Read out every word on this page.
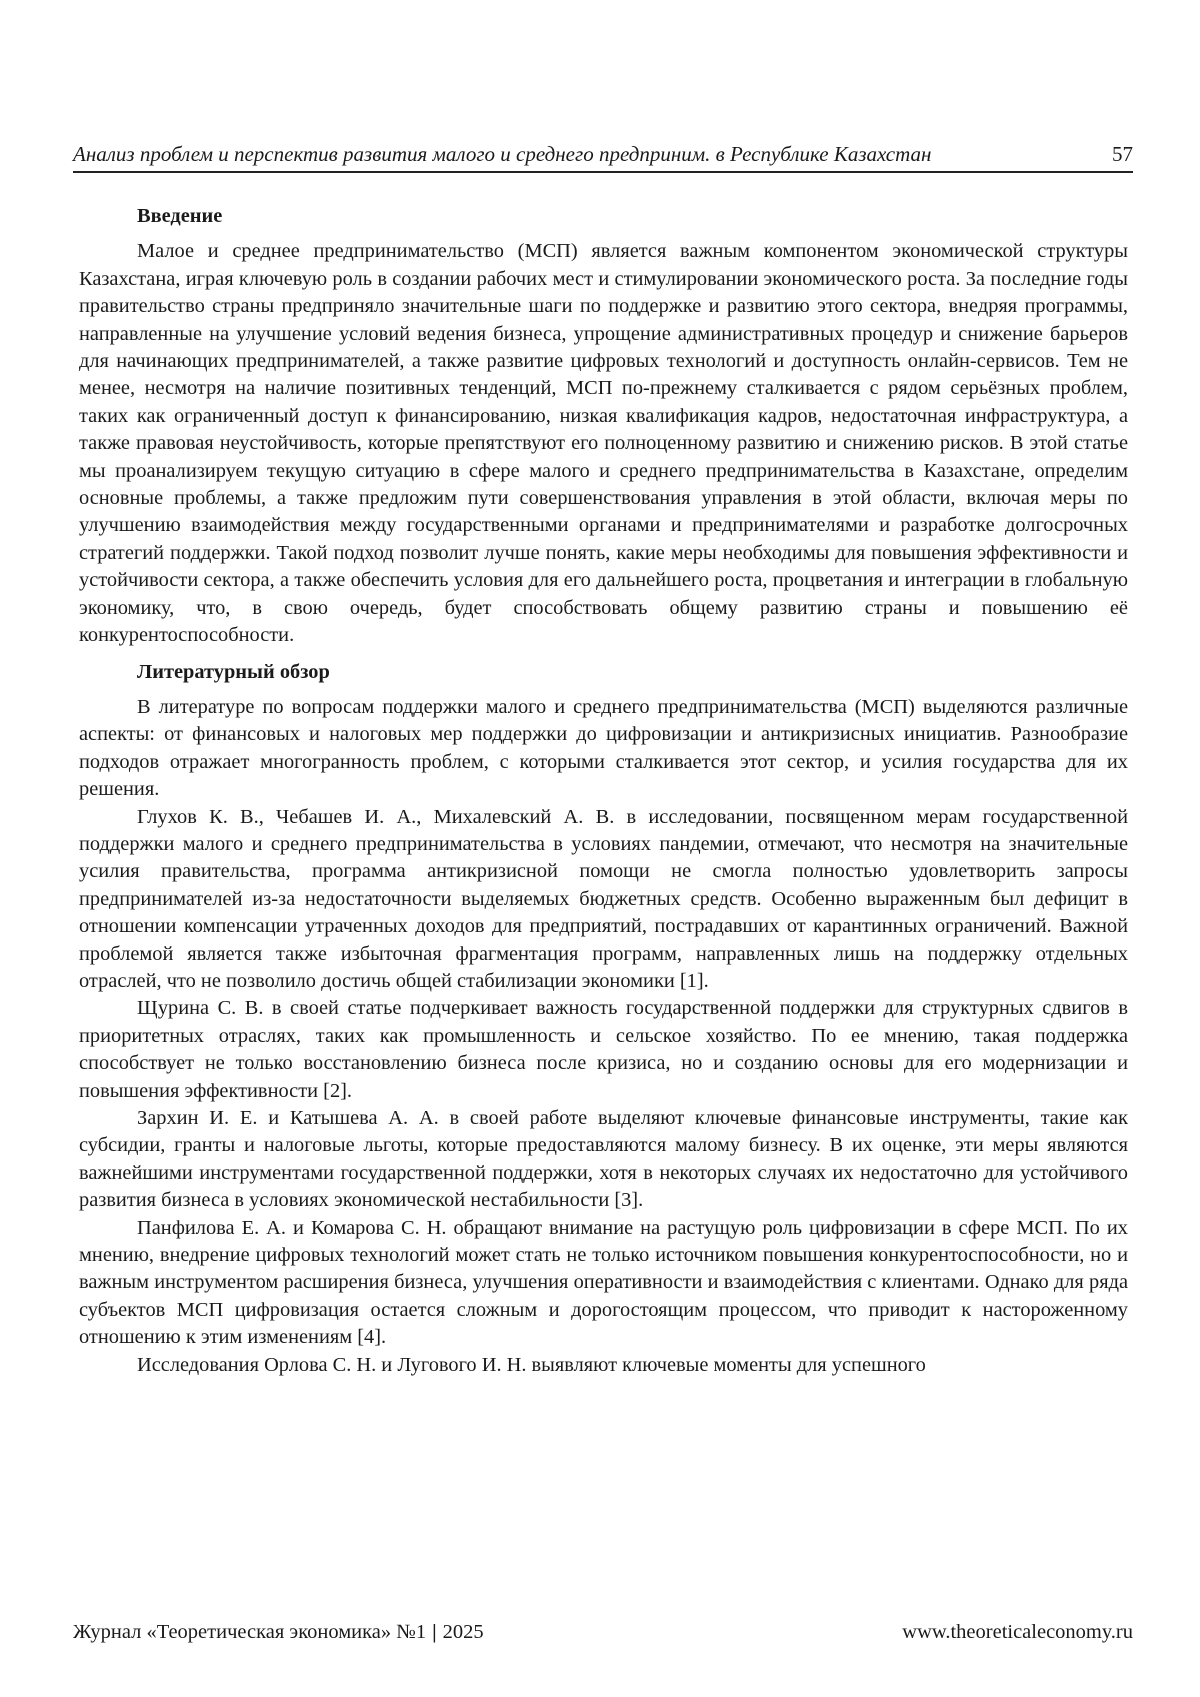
Анализ проблем и перспектив развития малого и среднего предприним. в Республике Казахстан	57
Введение

Малое и среднее предпринимательство (МСП) является важным компонентом экономической структуры Казахстана, играя ключевую роль в создании рабочих мест и стимулировании экономического роста. За последние годы правительство страны предприняло значительные шаги по поддержке и развитию этого сектора, внедряя программы, направленные на улучшение условий ведения бизнеса, упрощение административных процедур и снижение барьеров для начинающих предпринимателей, а также развитие цифровых технологий и доступность онлайн-сервисов. Тем не менее, несмотря на наличие позитивных тенденций, МСП по-прежнему сталкивается с рядом серьёзных проблем, таких как ограниченный доступ к финансированию, низкая квалификация кадров, недостаточная инфраструктура, а также правовая неустойчивость, которые препятствуют его полноценному развитию и снижению рисков. В этой статье мы проанализируем текущую ситуацию в сфере малого и среднего предпринимательства в Казахстане, определим основные проблемы, а также предложим пути совершенствования управления в этой области, включая меры по улучшению взаимодействия между государственными органами и предпринимателями и разработке долгосрочных стратегий поддержки. Такой подход позволит лучше понять, какие меры необходимы для повышения эффективности и устойчивости сектора, а также обеспечить условия для его дальнейшего роста, процветания и интеграции в глобальную экономику, что, в свою очередь, будет способствовать общему развитию страны и повышению её конкурентоспособности.

Литературный обзор

В литературе по вопросам поддержки малого и среднего предпринимательства (МСП) выделяются различные аспекты: от финансовых и налоговых мер поддержки до цифровизации и антикризисных инициатив. Разнообразие подходов отражает многогранность проблем, с которыми сталкивается этот сектор, и усилия государства для их решения.

Глухов К. В., Чебашев И. А., Михалевский А. В. в исследовании, посвященном мерам государственной поддержки малого и среднего предпринимательства в условиях пандемии, отмечают, что несмотря на значительные усилия правительства, программа антикризисной помощи не смогла полностью удовлетворить запросы предпринимателей из-за недостаточности выделяемых бюджетных средств. Особенно выраженным был дефицит в отношении компенсации утраченных доходов для предприятий, пострадавших от карантинных ограничений. Важной проблемой является также избыточная фрагментация программ, направленных лишь на поддержку отдельных отраслей, что не позволило достичь общей стабилизации экономики [1].

Щурина С. В. в своей статье подчеркивает важность государственной поддержки для структурных сдвигов в приоритетных отраслях, таких как промышленность и сельское хозяйство. По ее мнению, такая поддержка способствует не только восстановлению бизнеса после кризиса, но и созданию основы для его модернизации и повышения эффективности [2].

Зархин И. Е. и Катышева А. А. в своей работе выделяют ключевые финансовые инструменты, такие как субсидии, гранты и налоговые льготы, которые предоставляются малому бизнесу. В их оценке, эти меры являются важнейшими инструментами государственной поддержки, хотя в некоторых случаях их недостаточно для устойчивого развития бизнеса в условиях экономической нестабильности [3].

Панфилова Е. А. и Комарова С. Н. обращают внимание на растущую роль цифровизации в сфере МСП. По их мнению, внедрение цифровых технологий может стать не только источником повышения конкурентоспособности, но и важным инструментом расширения бизнеса, улучшения оперативности и взаимодействия с клиентами. Однако для ряда субъектов МСП цифровизация остается сложным и дорогостоящим процессом, что приводит к настороженному отношению к этим изменениям [4].

Исследования Орлова С. Н. и Лугового И. Н. выявляют ключевые моменты для успешного

Журнал «Теоретическая экономика» №1 | 2025	www.theoreticaleconomy.ru
